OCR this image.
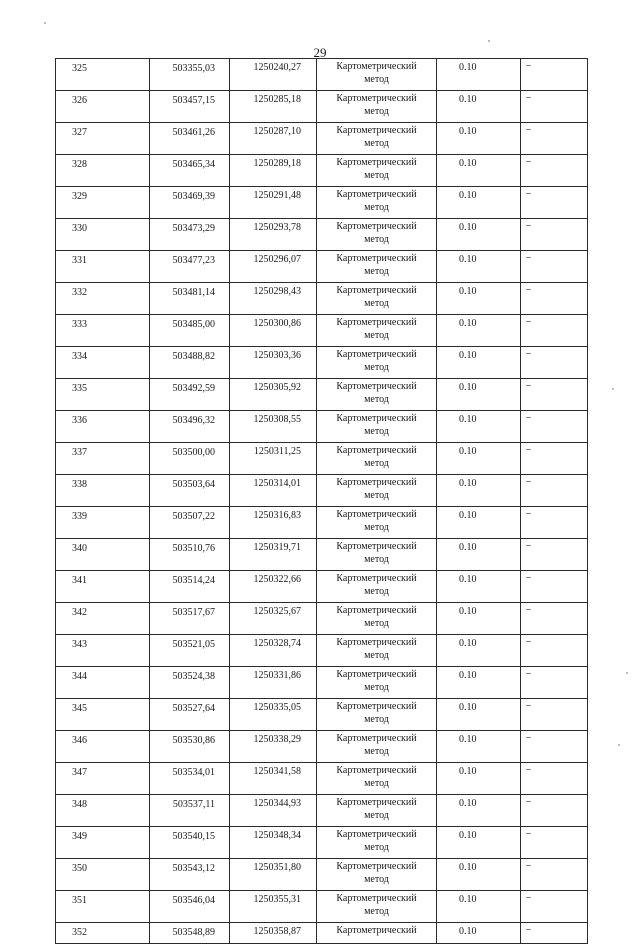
29
325	503355,03	1250240,27	Картометрический
метод	0.10	–
326	503457,15	1250285,18	Картометрический
метод	0.10	–
327	503461,26	1250287,10	Картометрический
метод	0.10	–
328	503465,34	1250289,18	Картометрический
метод	0.10	–
329	503469,39	1250291,48	Картометрический
метод	0.10	–
330	503473,29	1250293,78	Картометрический
метод	0.10	–
331	503477,23	1250296,07	Картометрический
метод	0.10	–
332	503481,14	1250298,43	Картометрический
метод	0.10	–
333	503485,00	1250300,86	Картометрический
метод	0.10	–
334	503488,82	1250303,36	Картометрический
метод	0.10	–
335	503492,59	1250305,92	Картометрический
метод	0.10	–
336	503496,32	1250308,55	Картометрический
метод	0.10	–
337	503500,00	1250311,25	Картометрический
метод	0.10	–
338	503503,64	1250314,01	Картометрический
метод	0.10	–
339	503507,22	1250316,83	Картометрический
метод	0.10	–
340	503510,76	1250319,71	Картометрический
метод	0.10	–
341	503514,24	1250322,66	Картометрический
метод	0.10	–
342	503517,67	1250325,67	Картометрический
метод	0.10	–
343	503521,05	1250328,74	Картометрический
метод	0.10	–
344	503524,38	1250331,86	Картометрический
метод	0.10	–
345	503527,64	1250335,05	Картометрический
метод	0.10	–
346	503530,86	1250338,29	Картометрический
метод	0.10	–
347	503534,01	1250341,58	Картометрический
метод	0.10	–
348	503537,11	1250344,93	Картометрический
метод	0.10	–
349	503540,15	1250348,34	Картометрический
метод	0.10	–
350	503543,12	1250351,80	Картометрический
метод	0.10	–
351	503546,04	1250355,31	Картометрический
метод	0.10	–
352	503548,89	1250358,87	Картометрический	0.10	–
